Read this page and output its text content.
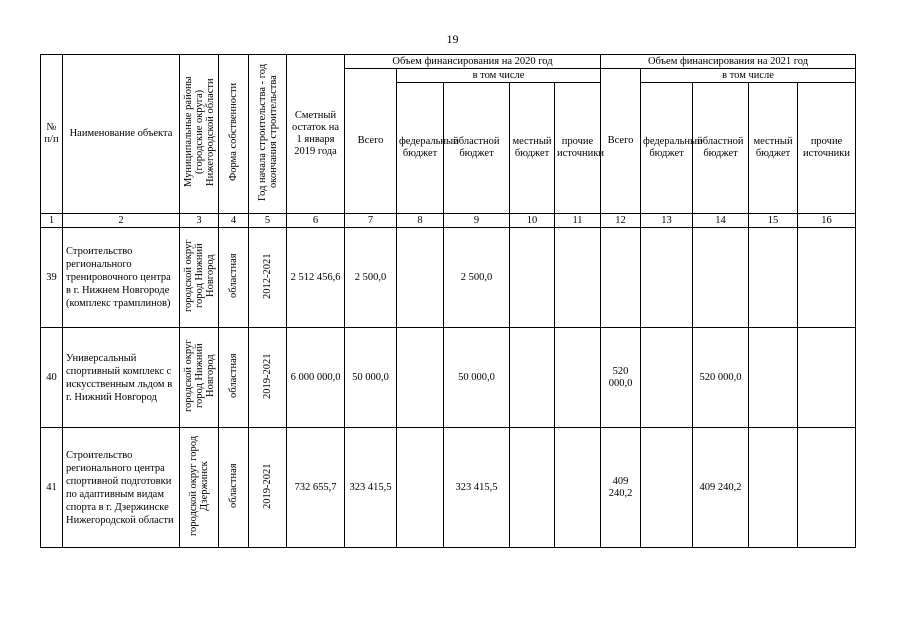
19
№ п/п	Наименование объекта	Муниципальные районы (городские округа) Нижегородской области	Форма собственности	Год начала строительства - год окончания строительства	Сметный остаток на 1 января 2019 года	Объем финансирования на 2020 год					Объем финансирования на 2021 год				
						Всего	в том числе				Всего	в том числе			
							федеральный бюджет	областной бюджет	местный бюджет	прочие источники		федеральный бюджет	областной бюджет	местный бюджет	прочие источники
1	2	3	4	5	6	7	8	9	10	11	12	13	14	15	16
39	Строительство регионального тренировочного центра в г. Нижнем Новгороде (комплекс трамплинов)	городской округ город Нижний Новгород	областная	2012-2021	2 512 456,6	2 500,0		2 500,0							
40	Универсальный спортивный комплекс с искусственным льдом в г. Нижний Новгород	городской округ город Нижний Новгород	областная	2019-2021	6 000 000,0	50 000,0		50 000,0			520 000,0		520 000,0		
41	Строительство регионального центра спортивной подготовки по адаптивным видам спорта в г. Дзержинске Нижегородской области	городской округ город Дзержинск	областная	2019-2021	732 655,7	323 415,5		323 415,5			409 240,2		409 240,2		
